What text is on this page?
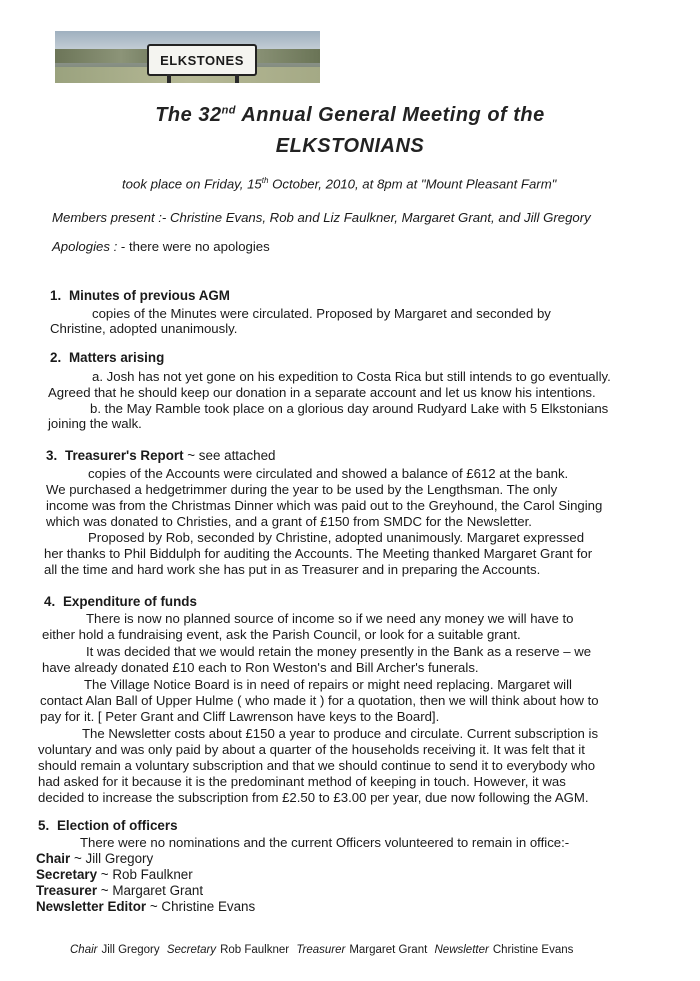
ELKSTONES
The 32nd Annual General Meeting of the
ELKSTONIANS

took place on Friday, 15th October, 2010, at 8pm at "Mount Pleasant Farm"

Members present :- Christine Evans, Rob and Liz Faulkner, Margaret Grant, and Jill Gregory

Apologies : - there were no apologies

1. Minutes of previous AGM

copies of the Minutes were circulated. Proposed by Margaret and seconded by

Christine, adopted unanimously.

2. Matters arising

a. Josh has not yet gone on his expedition to Costa Rica but still intends to go eventually.

Agreed that he should keep our donation in a separate account and let us know his intentions.

b. the May Ramble took place on a glorious day around Rudyard Lake with 5 Elkstonians

joining the walk.

3. Treasurer's Report ~ see attached

copies of the Accounts were circulated and showed a balance of £612 at the bank.

We purchased a hedgetrimmer during the year to be used by the Lengthsman. The only

income was from the Christmas Dinner which was paid out to the Greyhound, the Carol Singing

which was donated to Christies, and a grant of £150 from SMDC for the Newsletter.

Proposed by Rob, seconded by Christine, adopted unanimously. Margaret expressed

her thanks to Phil Biddulph for auditing the Accounts. The Meeting thanked Margaret Grant for

all the time and hard work she has put in as Treasurer and in preparing the Accounts.

4. Expenditure of funds

There is now no planned source of income so if we need any money we will have to

either hold a fundraising event, ask the Parish Council, or look for a suitable grant.

It was decided that we would retain the money presently in the Bank as a reserve – we

have already donated £10 each to Ron Weston's and Bill Archer's funerals.

The Village Notice Board is in need of repairs or might need replacing. Margaret will

contact Alan Ball of Upper Hulme ( who made it ) for a quotation, then we will think about how to

pay for it. [ Peter Grant and Cliff Lawrenson have keys to the Board].

The Newsletter costs about £150 a year to produce and circulate. Current subscription is

voluntary and was only paid by about a quarter of the households receiving it. It was felt that it

should remain a voluntary subscription and that we should continue to send it to everybody who

had asked for it because it is the predominant method of keeping in touch. However, it was

decided to increase the subscription from £2.50 to £3.00 per year, due now following the AGM.

5. Election of officers

There were no nominations and the current Officers volunteered to remain in office:-

Chair ~ Jill Gregory

Secretary ~ Rob Faulkner

Treasurer ~ Margaret Grant

Newsletter Editor ~ Christine Evans

Chair Jill Gregory Secretary Rob Faulkner Treasurer Margaret Grant Newsletter Christine Evans
